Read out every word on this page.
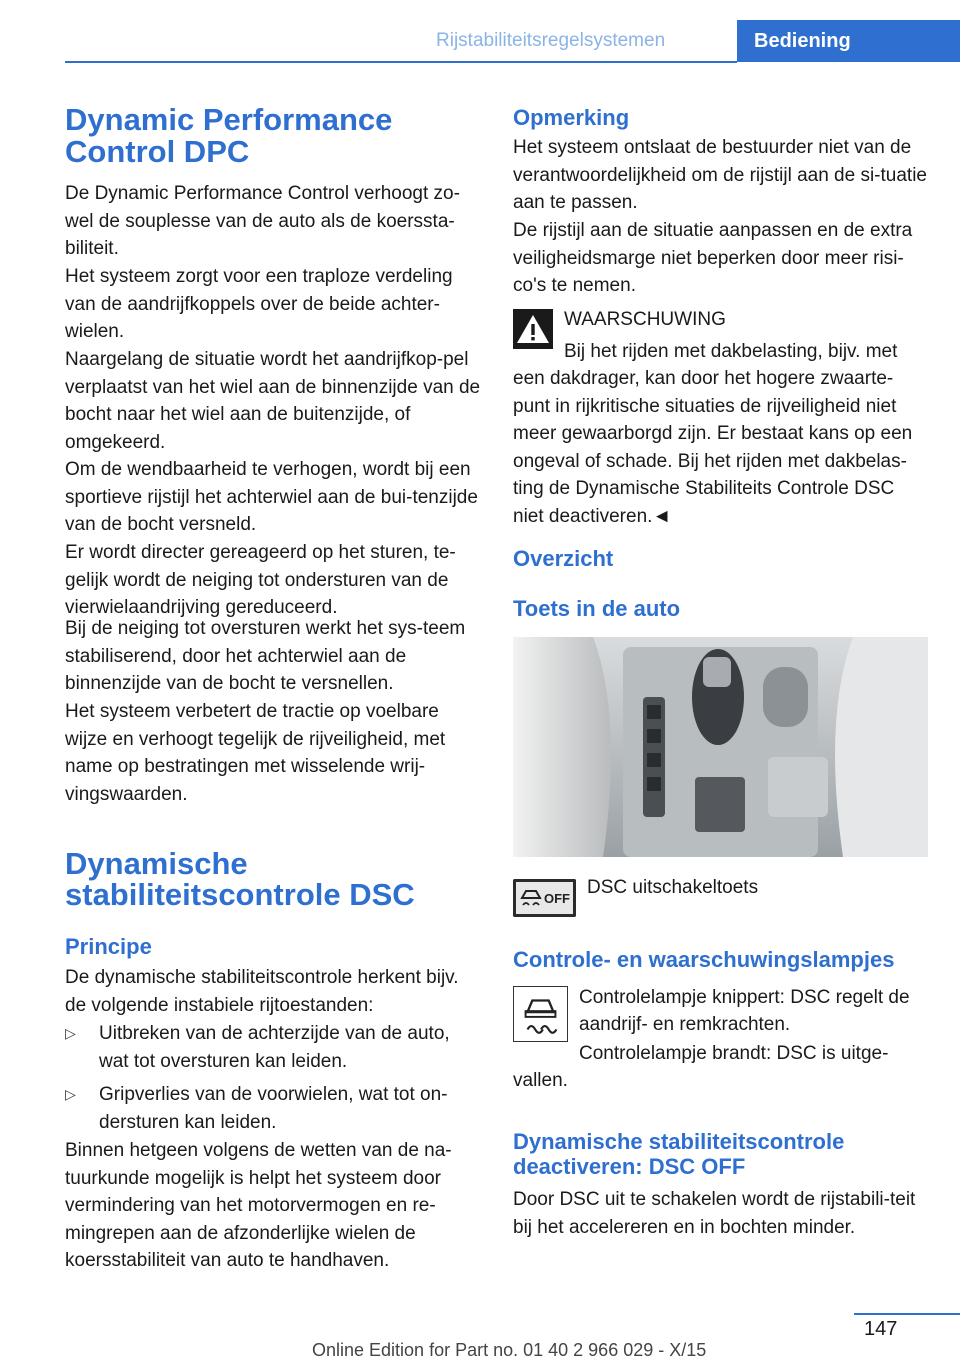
Rijstabiliteitsregelsystemen	Bediening
Dynamic Performance
Control DPC
De Dynamic Performance Control verhoogt zo-wel de souplesse van de auto als de koerssta-biliteit.
Het systeem zorgt voor een traploze verdeling van de aandrijfkoppels over de beide achter-wielen.
Naargelang de situatie wordt het aandrijfkop-pel verplaatst van het wiel aan de binnenzijde van de bocht naar het wiel aan de buitenzijde, of omgekeerd.
Om de wendbaarheid te verhogen, wordt bij een sportieve rijstijl het achterwiel aan de bui-tenzijde van de bocht versneld.
Er wordt directer gereageerd op het sturen, te-gelijk wordt de neiging tot ondersturen van de vierwielaandrijving gereduceerd.
Bij de neiging tot oversturen werkt het sys-teem stabiliserend, door het achterwiel aan de binnenzijde van de bocht te versnellen.
Het systeem verbetert de tractie op voelbare wijze en verhoogt tegelijk de rijveiligheid, met name op bestratingen met wisselende wrij-vingswaarden.
Dynamische
stabiliteitscontrole DSC
Principe
De dynamische stabiliteitscontrole herkent bijv. de volgende instabiele rijtoestanden:
▷ Uitbreken van de achterzijde van de auto, wat tot oversturen kan leiden.
▷ Gripverlies van de voorwielen, wat tot on-dersturen kan leiden.
Binnen hetgeen volgens de wetten van de na-tuurkunde mogelijk is helpt het systeem door vermindering van het motorvermogen en re-mingrepen aan de afzonderlijke wielen de koersstabiliteit van auto te handhaven.
Opmerking
Het systeem ontslaat de bestuurder niet van de verantwoordelijkheid om de rijstijl aan de si-tuatie aan te passen.
De rijstijl aan de situatie aanpassen en de extra veiligheidsmarge niet beperken door meer risi-co's te nemen.
WAARSCHUWING
Bij het rijden met dakbelasting, bijv. met
een dakdrager, kan door het hogere zwaarte-punt in rijkritische situaties de rijveiligheid niet meer gewaarborgd zijn. Er bestaat kans op een ongeval of schade. Bij het rijden met dakbelas-ting de Dynamische Stabiliteits Controle DSC niet deactiveren.◄
Overzicht
Toets in de auto
OFF
DSC uitschakeltoets
Controle- en waarschuwingslampjes
Controlelampje knippert: DSC regelt de
aandrijf- en remkrachten.
Controlelampje brandt: DSC is uitge-
vallen.
Dynamische stabiliteitscontrole
deactiveren: DSC OFF
Door DSC uit te schakelen wordt de rijstabili-teit bij het accelereren en in bochten minder.
147
Online Edition for Part no. 01 40 2 966 029 - X/15
